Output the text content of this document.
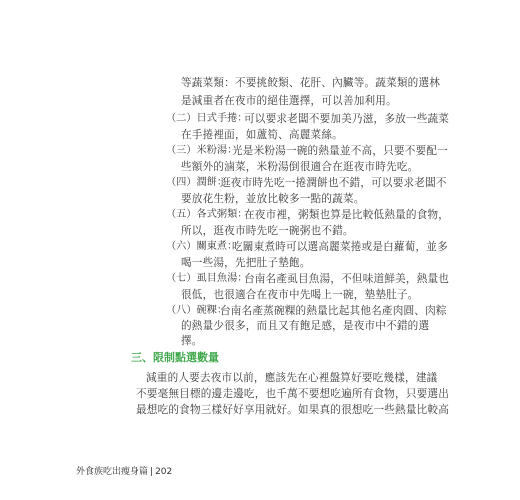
等蔬菜類：不要挑餃類、花肝、內臟等。蔬菜類的選林
是減重者在夜市的絕佳選擇，可以善加利用。
（二）日式手捲：
可以要求老闆不要加美乃滋，多放一些蔬菜
在手捲裡面，如蘆筍、高麗菜絲。
（三）米粉湯：
光是米粉湯一碗的熱量並不高，只要不要配一
些額外的滷菜，米粉湯倒很適合在逛夜市時先吃。
（四）潤餅：
逛夜市時先吃一捲潤餅也不錯，可以要求老闆不
要放花生粉，並放比較多一點的蔬菜。
（五）各式粥類：
在夜市裡，粥類也算是比較低熱量的食物，
所以，逛夜市時先吃一碗粥也不錯。
（六）關東煮：
吃關東煮時可以選高麗菜捲或是白蘿蔔，並多
喝一些湯，先把肚子墊飽。
（七）虱目魚湯：
台南名產虱目魚湯，不但味道鮮美，熱量也
很低，也很適合在夜市中先喝上一碗，墊墊肚子。
三、限制點選數量
減重的人要去夜市以前，應該先在心裡盤算好要吃幾樣，建議
不要毫無目標的邊走邊吃，也千萬不要想吃遍所有食物，只要選出
最想吃的食物三樣好好享用就好。如果真的很想吃一些熱量比較高
外食族吃出瘦身篇 | 202
（八）碗粿：
台南名產蒸碗粿的熱量比起其他名產肉圓、肉粽
的熱量少很多，而且又有飽足感，是夜市中不錯的選
擇。
